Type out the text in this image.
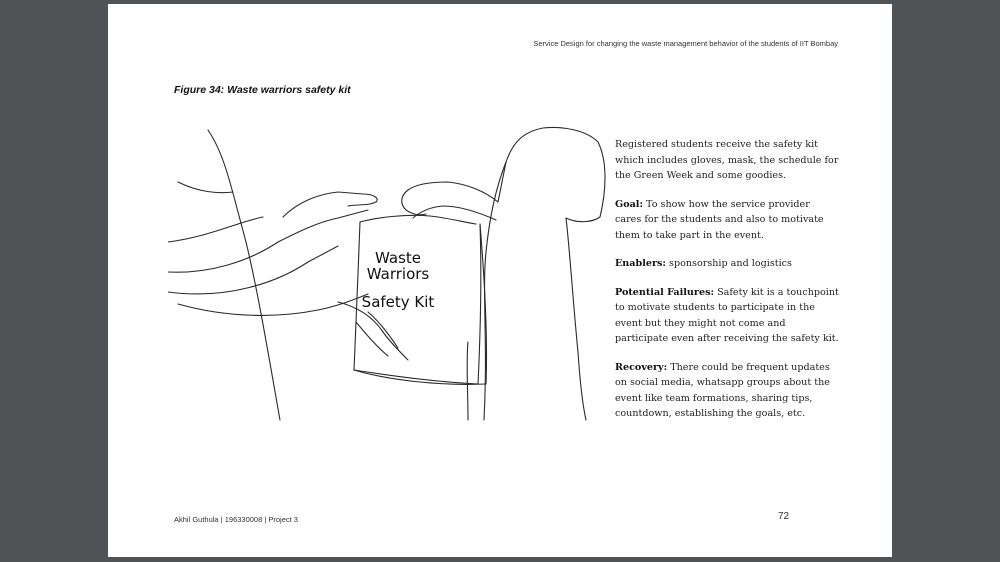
Service Design for changing the waste management behavior of the students of IIT Bombay
Figure 34: Waste warriors safety kit
Waste
Warriors
Safety Kit

Registered students receive the safety kit which includes gloves, mask, the schedule for the Green Week and some goodies.

Goal: To show how the service provider cares for the students and also to motivate them to take part in the event.

Enablers: sponsorship and logistics

Potential Failures: Safety kit is a touchpoint to motivate students to participate in the event but they might not come and participate even after receiving the safety kit.

Recovery: There could be frequent updates on social media, whatsapp groups about the event like team formations, sharing tips, countdown, establishing the goals, etc.

Akhil Guthula | 196330008 | Project 3	72
